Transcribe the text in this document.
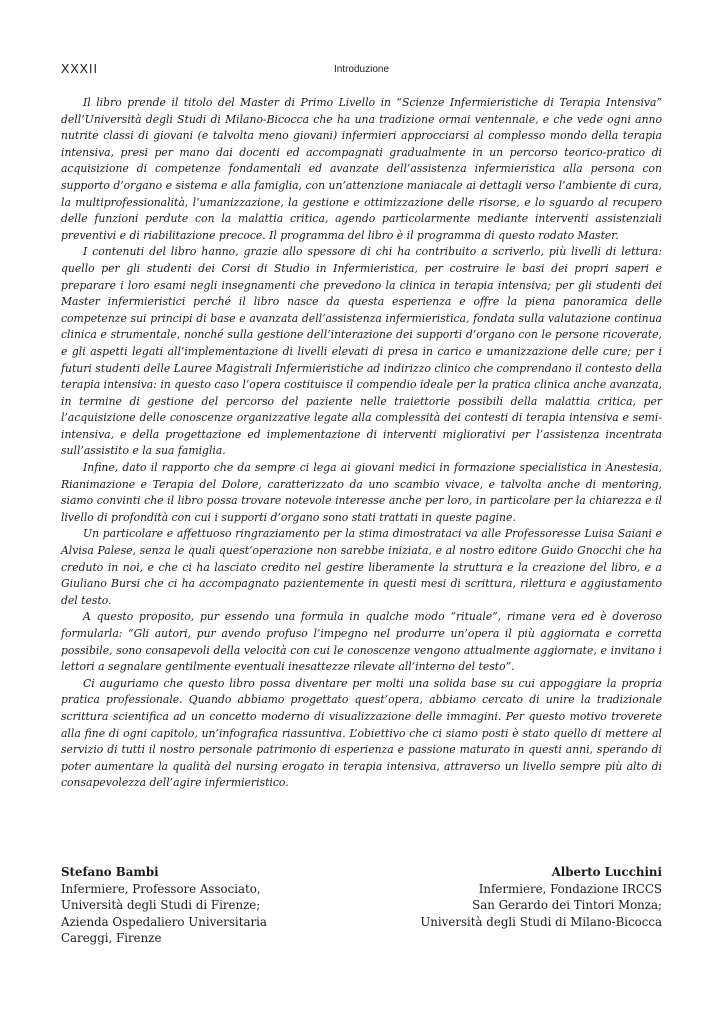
XXXII	Introduzione

Il libro prende il titolo del Master di Primo Livello in “Scienze Infermieristiche di Terapia Intensiva” dell’Università degli Studi di Milano-Bicocca che ha una tradizione ormai ventennale, e che vede ogni anno nutrite classi di giovani (e talvolta meno giovani) infermieri approcciarsi al complesso mondo della terapia intensiva, presi per mano dai docenti ed accompagnati gradualmente in un percorso teorico-pratico di acquisizione di competenze fondamentali ed avanzate dell’assistenza infermieristica alla persona con supporto d’organo e sistema e alla famiglia, con un’attenzione maniacale ai dettagli verso l’ambiente di cura, la multiprofessionalità, l’umanizzazione, la gestione e ottimizzazione delle risorse, e lo sguardo al recupero delle funzioni perdute con la malattia critica, agendo particolarmente mediante interventi assistenziali preventivi e di riabilitazione precoce. Il programma del libro è il programma di questo rodato Master.

I contenuti del libro hanno, grazie allo spessore di chi ha contribuito a scriverlo, più livelli di lettura: quello per gli studenti dei Corsi di Studio in Infermieristica, per costruire le basi dei propri saperi e preparare i loro esami negli insegnamenti che prevedono la clinica in terapia intensiva; per gli studenti dei Master infermieristici perché il libro nasce da questa esperienza e offre la piena panoramica delle competenze sui principi di base e avanzata dell’assistenza infermieristica, fondata sulla valutazione continua clinica e strumentale, nonché sulla gestione dell’interazione dei supporti d’organo con le persone ricoverate, e gli aspetti legati all’implementazione di livelli elevati di presa in carico e umanizzazione delle cure; per i futuri studenti delle Lauree Magistrali Infermieristiche ad indirizzo clinico che comprendano il contesto della terapia intensiva: in questo caso l’opera costituisce il compendio ideale per la pratica clinica anche avanzata, in termine di gestione del percorso del paziente nelle traiettorie possibili della malattia critica, per l’acquisizione delle conoscenze organizzative legate alla complessità dei contesti di terapia intensiva e semi-intensiva, e della progettazione ed implementazione di interventi migliorativi per l’assistenza incentrata sull’assistito e la sua famiglia.

Infine, dato il rapporto che da sempre ci lega ai giovani medici in formazione specialistica in Anestesia, Rianimazione e Terapia del Dolore, caratterizzato da uno scambio vivace, e talvolta anche di mentoring, siamo convinti che il libro possa trovare notevole interesse anche per loro, in particolare per la chiarezza e il livello di profondità con cui i supporti d’organo sono stati trattati in queste pagine.

Un particolare e affettuoso ringraziamento per la stima dimostrataci va alle Professoresse Luisa Saiani e Alvisa Palese, senza le quali quest’operazione non sarebbe iniziata, e al nostro editore Guido Gnocchi che ha creduto in noi, e che ci ha lasciato credito nel gestire liberamente la struttura e la creazione del libro, e a Giuliano Bursi che ci ha accompagnato pazientemente in questi mesi di scrittura, rilettura e aggiustamento del testo.

A questo proposito, pur essendo una formula in qualche modo “rituale”, rimane vera ed è doveroso formularla: “Gli autori, pur avendo profuso l’impegno nel produrre un’opera il più aggiornata e corretta possibile, sono consapevoli della velocità con cui le conoscenze vengono attualmente aggiornate, e invitano i lettori a segnalare gentilmente eventuali inesattezze rilevate all’interno del testo”.

Ci auguriamo che questo libro possa diventare per molti una solida base su cui appoggiare la propria pratica professionale. Quando abbiamo progettato quest’opera, abbiamo cercato di unire la tradizionale scrittura scientifica ad un concetto moderno di visualizzazione delle immagini. Per questo motivo troverete alla fine di ogni capitolo, un’infografica riassuntiva. L’obiettivo che ci siamo posti è stato quello di mettere al servizio di tutti il nostro personale patrimonio di esperienza e passione maturato in questi anni, sperando di poter aumentare la qualità del nursing erogato in terapia intensiva, attraverso un livello sempre più alto di consapevolezza dell’agire infermieristico.

Stefano Bambi
Infermiere, Professore Associato,
Università degli Studi di Firenze;
Azienda Ospedaliero Universitaria
Careggi, Firenze
Alberto Lucchini
Infermiere, Fondazione IRCCS
San Gerardo dei Tintori Monza;
Università degli Studi di Milano-Bicocca
